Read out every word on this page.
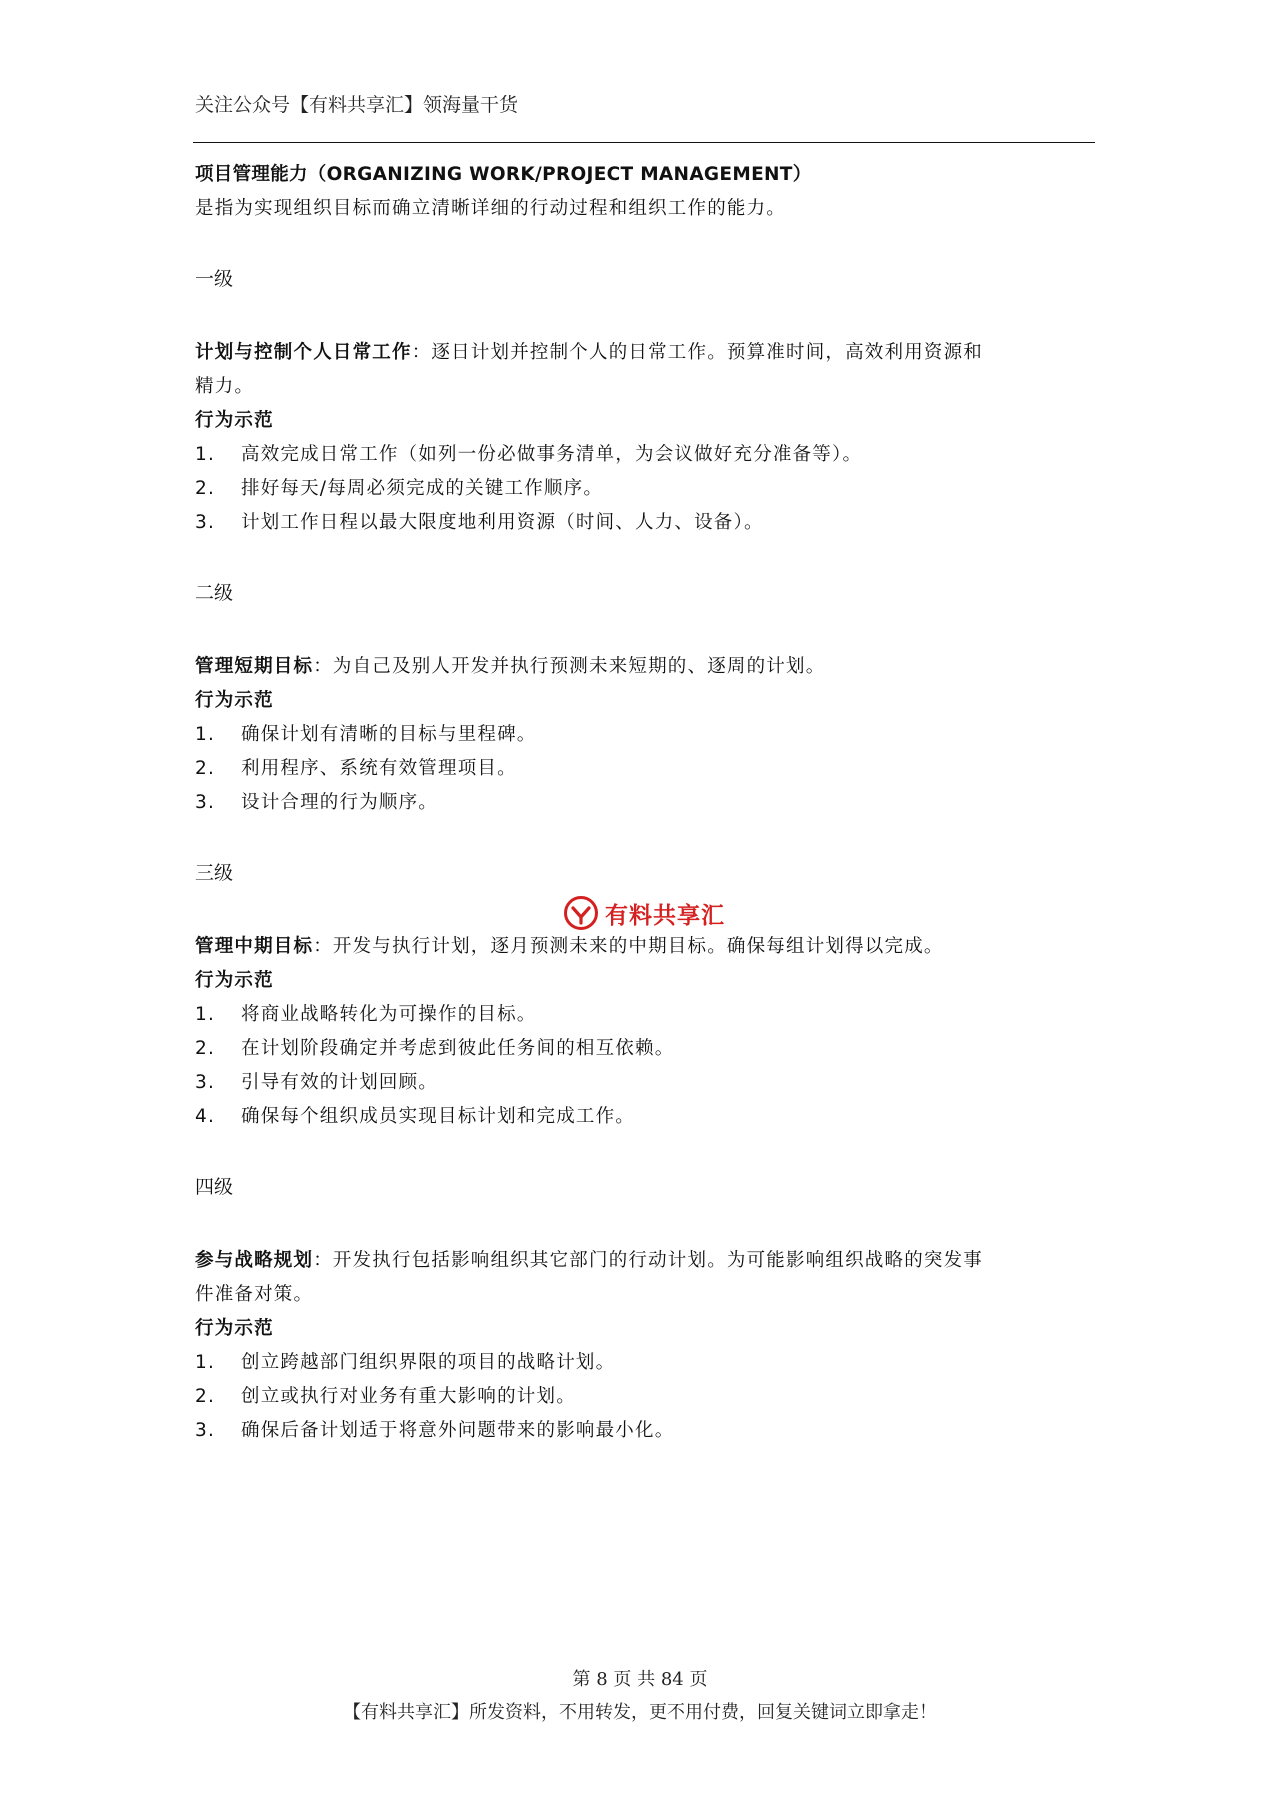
关注公众号【有料共享汇】领海量干货
项目管理能力（ORGANIZING WORK/PROJECT MANAGEMENT）
是指为实现组织目标而确立清晰详细的行动过程和组织工作的能力。
一级
计划与控制个人日常工作：逐日计划并控制个人的日常工作。预算准时间，高效利用资源和
精力。
行为示范
1.	高效完成日常工作（如列一份必做事务清单，为会议做好充分准备等）。
2.	排好每天/每周必须完成的关键工作顺序。
3.	计划工作日程以最大限度地利用资源（时间、人力、设备）。
二级
管理短期目标：为自己及别人开发并执行预测未来短期的、逐周的计划。
行为示范
1.	确保计划有清晰的目标与里程碑。
2.	利用程序、系统有效管理项目。
3.	设计合理的行为顺序。
三级
管理中期目标：开发与执行计划，逐月预测未来的中期目标。确保每组计划得以完成。
行为示范
1.	将商业战略转化为可操作的目标。
2.	在计划阶段确定并考虑到彼此任务间的相互依赖。
3.	引导有效的计划回顾。
4.	确保每个组织成员实现目标计划和完成工作。
四级
参与战略规划：开发执行包括影响组织其它部门的行动计划。为可能影响组织战略的突发事
件准备对策。
行为示范
1.	创立跨越部门组织界限的项目的战略计划。
2.	创立或执行对业务有重大影响的计划。
3.	确保后备计划适于将意外问题带来的影响最小化。
有料共享汇
第 8 页 共 84 页
【有料共享汇】所发资料，不用转发，更不用付费，回复关键词立即拿走！
